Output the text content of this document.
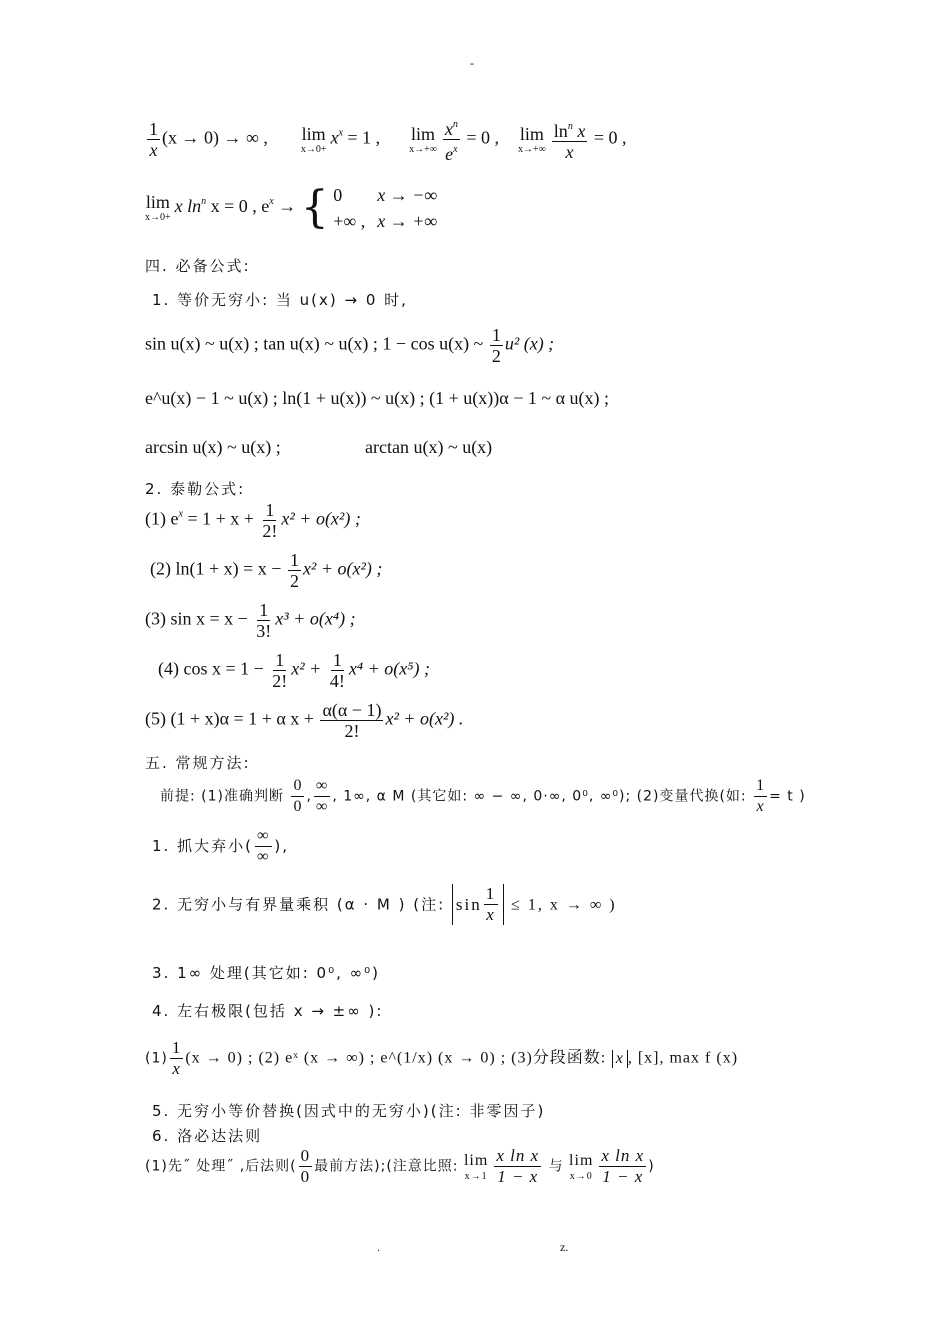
-
.	z.
$\frac{1}{x} (x \to 0)$ → ∞ , lim
x→0+
$x^x = 1$ , lim
$x\to+\infty \frac{x^n}{e^x} = 0$ , lim
$x\to+\infty \frac{\ln^n x}{x} = 0$ ,
lim
x→0+
x $\ln^n x = 0$ , $e^x$ → { 0 x → −∞
+∞ , x → +∞
四. 必备公式:
1. 等价无穷小: 当 u(x) → 0 时,
sin u(x) ~ u(x) ; tan u(x) ~ u(x) ; 1 − cos u(x) ~ $\frac{1}{2} u^2$ (x) ;
e^u(x) − 1 ~ u(x) ; ln(1 + u(x)) ~ u(x) ; (1 + u(x))α − 1 ~ α u(x) ;
arcsin u(x) ~ u(x) ;	arctan u(x) ~ u(x)
2. 泰勒公式:
(1) $e^x = 1 + x + \frac{1}{2!} x^2 + o(x^2)$ ;
(2) $\ln(1 + x) = x - \frac{1}{2} x^2 + o(x^2)$ ;
(3) $\sin x = x - \frac{1}{3!} x^3 + o(x^4)$ ;
(4) $\cos x = 1 - \frac{1}{2!} x^2 + \frac{1}{4!} x^4 + o(x^5)$ ;
(5) (1 + x)α = 1 + α $x + \frac{\alpha(\alpha - 1)}{2!} x^2 + o(x^2)$ .
五. 常规方法:
前提: (1)准确判断 $\frac{0}{0}$ , $\frac{\infty}{\infty}$ , 1∞, α M (其它如: ∞ − ∞, 0·∞, 0⁰, ∞⁰); (2)变量代换(如: $\frac{1}{x} = t$ )
1. 抓大弃小( $\frac{\infty}{\infty}$ ),
2. 无穷小与有界量乘积 (α · M ) (注: $\sin \frac{1}{x} \le 1$, x → ∞ )
3. 1∞ 处理(其它如: 0⁰, ∞⁰)
4. 左右极限(包括 x → ±∞ ):
$(1) \frac{1}{x} (x \to 0)$ ; (2) eˣ (x → ∞) ; e^(1/x) (x → 0) ; (3)分段函数: x , [x], max f (x)
5. 无穷小等价替换(因式中的无穷小)(注: 非零因子)
6. 洛必达法则
(1)先˝ 处理˝ ,后法则( $\frac{0}{0}$ 最前方法);(注意比照: lim
$x\to 1 \frac{\text{x ln x}}{1 - x}$ 与 lim
$x\to 0 \frac{\text{x ln x}}{1 - x}$ )
